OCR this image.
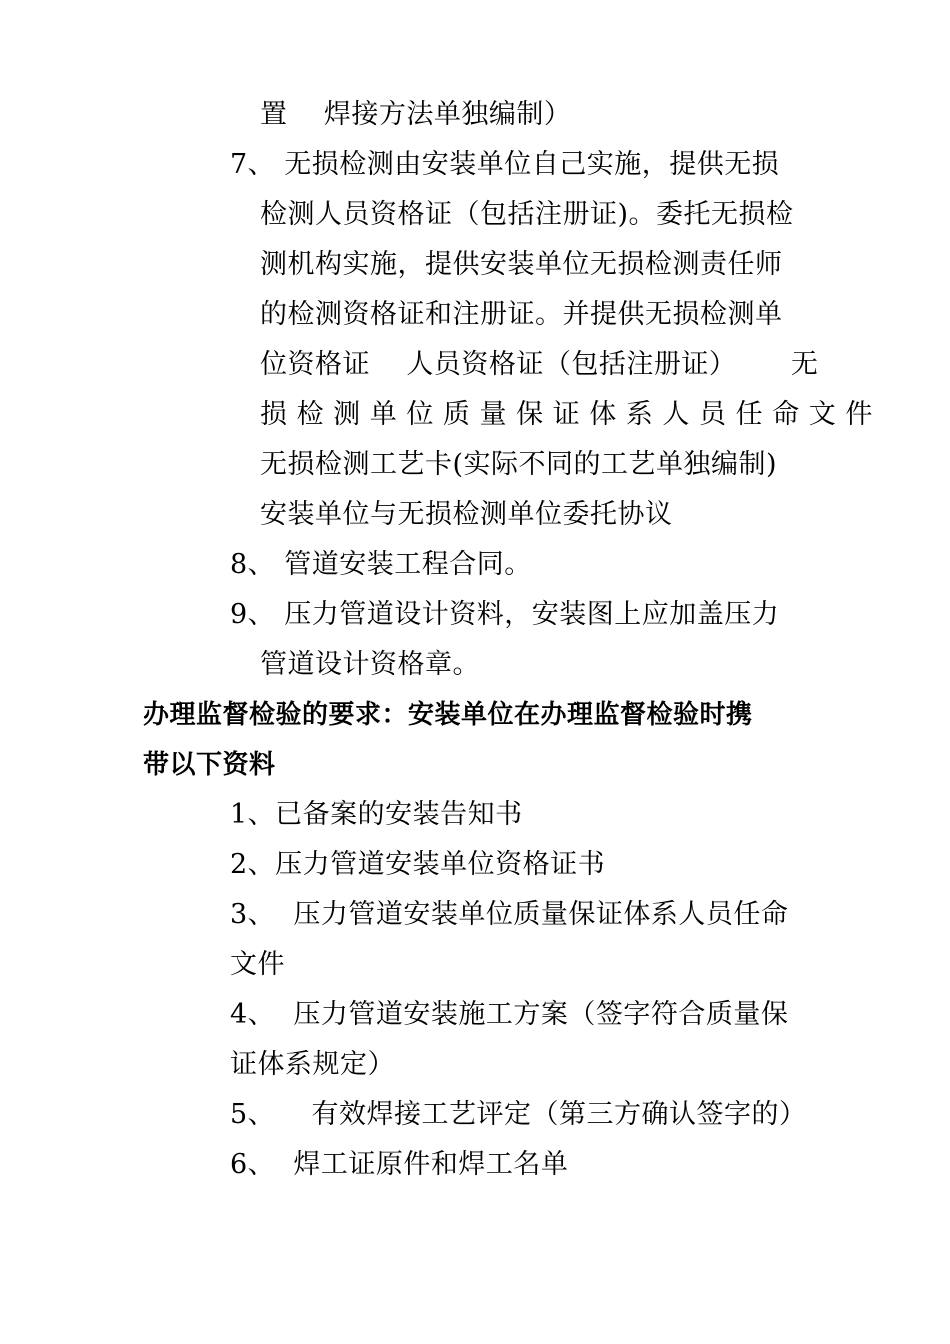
置    焊接方法单独编制）
7、 无损检测由安装单位自己实施，提供无损
检测人员资格证（包括注册证)。委托无损检
测机构实施，提供安装单位无损检测责任师
的检测资格证和注册证。并提供无损检测单
位资格证    人员资格证（包括注册证）      无
损 检 测 单 位 质 量 保 证 体 系 人 员 任 命 文 件
无损检测工艺卡(实际不同的工艺单独编制)
安装单位与无损检测单位委托协议
8、 管道安装工程合同。
9、 压力管道设计资料，安装图上应加盖压力
管道设计资格章。
办理监督检验的要求：安装单位在办理监督检验时携
带以下资料
1、已备案的安装告知书
2、压力管道安装单位资格证书
3、  压力管道安装单位质量保证体系人员任命
文件
4、  压力管道安装施工方案（签字符合质量保
证体系规定）
5、    有效焊接工艺评定（第三方确认签字的）
6、  焊工证原件和焊工名单
